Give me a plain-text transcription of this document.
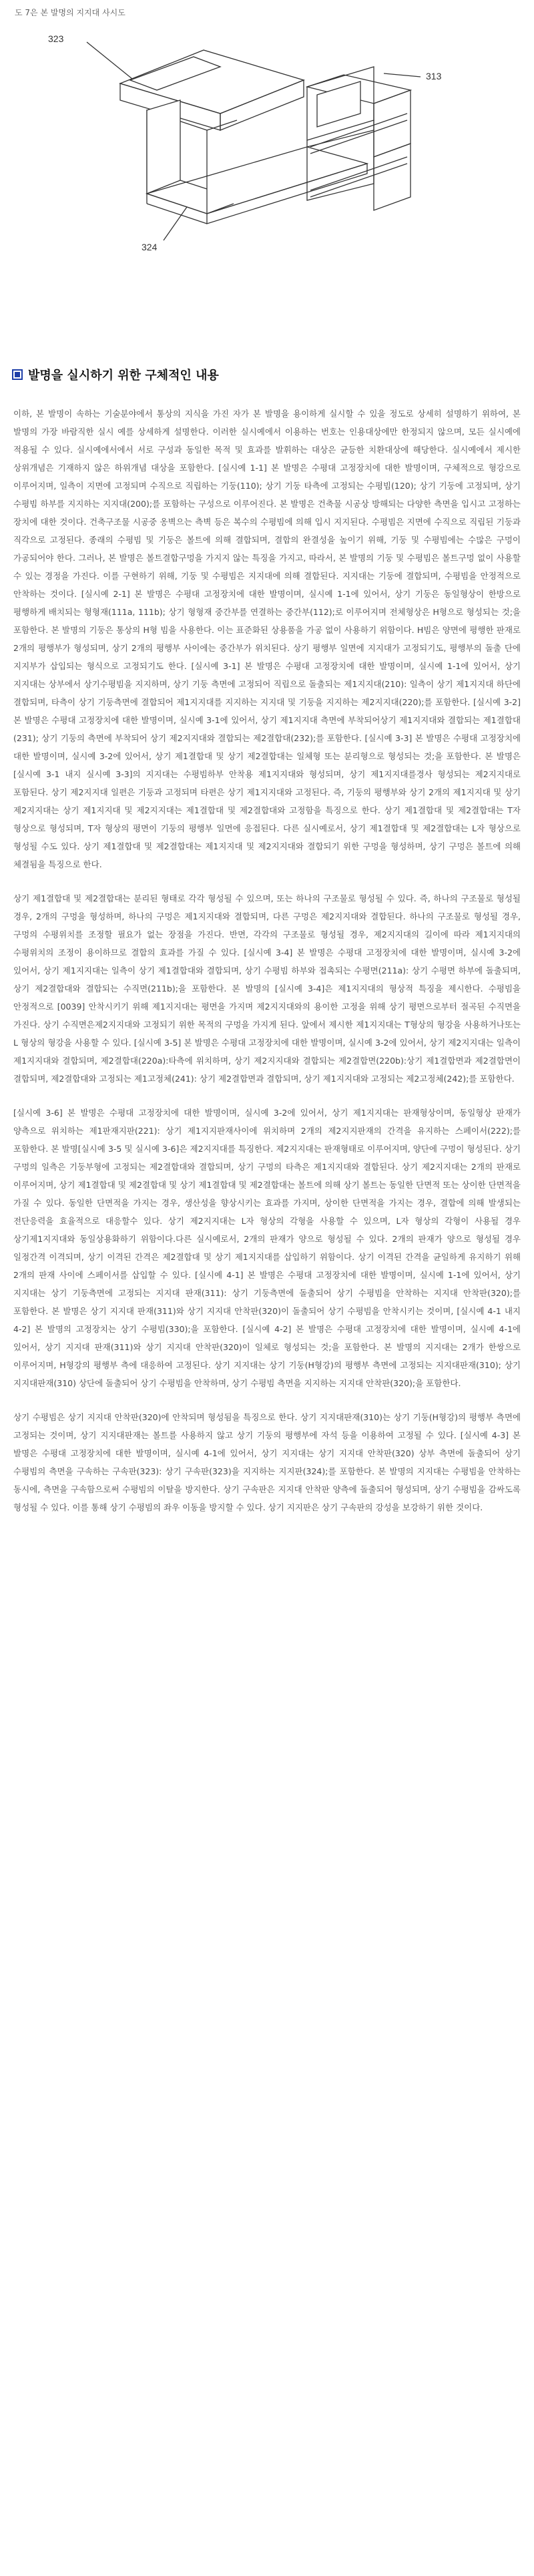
도 7은 본 발명의 지지대 사시도
323
324
313
발명을 실시하기 위한 구체적인 내용

이하, 본 발명이 속하는 기술분야에서 통상의 지식을 가진 자가 본 발명을 용이하게 실시할 수 있을 정도로 상세히 설명하기 위하여, 본 발명의 가장 바람직한 실시 예를 상세하게 설명한다. 이러한 실시예에서 이용하는 번호는 인용대상에만 한정되지 않으며, 모든 실시예에 적용될 수 있다. 실시예에서에서 서로 구성과 동일한 목적 및 효과를 발휘하는 대상은 균등한 치환대상에 해당한다. 실시예에서 제시한 상위개념은 기재하지 않은 하위개념 대상을 포함한다. [실시예 1-1] 본 발명은 수평대 고정장치에 대한 발명이며, 구체적으로 형강으로 이루어지며, 일측이 지면에 고정되며 수직으로 직립하는 기둥(110); 상기 기둥 타측에 고정되는 수평빔(120); 상기 기둥에 고정되며, 상기 수평빔 하부를 지지하는 지지대(200);를 포함하는 구성으로 이루어진다. 본 발명은 건축물 시공상 방해되는 다양한 측면을 입시고 고정하는 장치에 대한 것이다. 건축구조물 시공중 옹벽으는 측벽 등은 복수의 수평빔에 의해 입시 지지된다. 수평빔은 지면에 수직으로 직립된 기둥과 직각으로 고정된다. 종래의 수평빔 및 기둥은 볼트에 의해 결합되며, 결합의 완결성을 높이기 위해, 기둥 및 수평빔에는 수많은 구멍이 가공되어야 한다. 그러나, 본 발명은 볼트결합구멍을 가지지 않는 특징을 가지고, 따라서, 본 발명의 기둥 및 수평빔은 볼트구멍 없이 사용할 수 있는 경정을 가진다. 이를 구현하기 위해, 기둥 및 수평빔은 지지대에 의해 결합된다. 지지대는 기둥에 결합되며, 수평빔을 안정적으로 안착하는 것이다. [실시예 2-1] 본 발명은 수평대 고정장치에 대한 발명이며, 실시예 1-1에 있어서, 상기 기둥은 동일형상이 한방으로 평행하게 배치되는 형형재(111a, 111b); 상기 형형재 중간부를 연결하는 중간부(112);로 이루어지며 전체형상은 H형으로 형성되는 것;을 포함한다. 본 발명의 기둥은 통상의 H형 빔을 사용한다. 이는 표준화된 상용품을 가공 없이 사용하기 위함이다. H빔은 양면에 평행한 판재로 2개의 평행부가 형성되며, 상기 2개의 평행부 사이에는 중간부가 위치된다. 상기 평행부 일면에 지지대가 고정되기도, 평행부의 돌출 단에 지지부가 삽입되는 형식으로 고정되기도 한다. [실시예 3-1] 본 발명은 수평대 고정장치에 대한 발명이며, 실시예 1-1에 있어서, 상기 지지대는 상부에서 상기수평빔을 지지하며, 상기 기둥 측면에 고정되어 직립으로 돌출되는 제1지지대(210): 일측이 상기 제1지지대 하단에 결합되며, 타측이 상기 기둥측면에 결합되어 제1지지대를 지지하는 지지대 및 기둥을 지지하는 제2지지대(220);를 포함한다. [실시예 3-2] 본 발명은 수평대 고정장치에 대한 발명이며, 실시예 3-1에 있어서, 상기 제1지지대 측면에 부착되어상기 제1지지대와 결합되는 제1결합대(231); 상기 기둥의 측면에 부착되어 상기 제2지지대와 결합되는 제2결합대(232);를 포함한다. [실시예 3-3] 본 발명은 수평대 고정장치에 대한 발명이며, 실시예 3-2에 있어서, 상기 제1결합대 및 상기 제2결합대는 일체형 또는 분리형으로 형성되는 것;을 포함한다. 본 발명은 [실시예 3-1 내지 실시예 3-3]의 지지대는 수평빔하부 안착용 제1지지대와 형성되며, 상기 제1지지대를경사 형성되는 제2지지대로 포함된다. 상기 제2지지대 일편은 기둥과 고정되며 타편은 상기 제1지지대와 고정된다. 즉, 기둥의 평행부와 상기 2개의 제1지지대 및 상기 제2지지대는 상기 제1지지대 및 제2지지대는 제1결합대 및 제2결합대와 고정함을 특징으로 한다. 상기 제1결합대 및 제2결합대는 T자 형상으로 형성되며, T자 형상의 평면이 기둥의 평행부 일면에 응접된다. 다른 실시예로서, 상기 제1결합대 및 제2결합대는 L자 형상으로 형성될 수도 있다. 상기 제1결합대 및 제2결합대는 제1지지대 및 제2지지대와 결합되기 위한 구멍을 형성하며, 상기 구멍은 볼트에 의해 체결됨을 특징으로 한다.

상기 제1결합대 및 제2결합대는 분리된 형태로 각각 형성될 수 있으며, 또는 하나의 구조물로 형성될 수 있다. 즉, 하나의 구조물로 형성될 경우, 2개의 구멍을 형성하며, 하나의 구멍은 제1지지대와 결합되며, 다른 구멍은 제2지지대와 결합된다. 하나의 구조물로 형성될 경우, 구멍의 수평위치를 조정할 필요가 없는 장점을 가진다. 반면, 각각의 구조물로 형성될 경우, 제2지지대의 길이에 따라 제1지지대의 수평위치의 조정이 용이하므로 결합의 효과를 가질 수 있다. [실시예 3-4] 본 발명은 수평대 고정장치에 대한 발명이며, 실시예 3-2에 있어서, 상기 제1지지대는 일측이 상기 제1결합대와 결합되며, 상기 수평빔 하부와 접촉되는 수평면(211a): 상기 수평면 하부에 돌출되며, 상기 제2결합대와 결합되는 수직면(211b);을 포함한다. 본 발명의 [실시예 3-4]은 제1지지대의 형상적 특징을 제시한다. 수평빔을 안정적으로 [0039] 안착시키기 위해 제1지지대는 평면을 가지며 제2지지대와의 용이한 고정을 위해 상기 평면으로부터 절곡된 수직면을 가진다. 상기 수직면은제2지지대와 고정되기 위한 목적의 구멍을 가지게 된다. 앞에서 제시한 제1지지대는 T형상의 형강을 사용하거나또는 L 형상의 형강을 사용할 수 있다. [실시예 3-5] 본 발명은 수평대 고정장치에 대한 발명이며, 실시예 3-2에 있어서, 상기 제2지지대는 일측이 제1지지대와 결합되며, 제2결합대(220a):타측에 위치하며, 상기 제2지지대와 결합되는 제2결합면(220b):상기 제1결합면과 제2결합면이 결합되며, 제2결합대와 고정되는 제1고정체(241): 상기 제2결합면과 결합되며, 상기 제1지지대와 고정되는 제2고정체(242);를 포함한다.

[실시예 3-6] 본 발명은 수평대 고정장치에 대한 발명이며, 실시예 3-2에 있어서, 상기 제1지지대는 판재형상이며, 동일형상 판재가 양측으로 위치하는 제1판재지판(221): 상기 제1지지판재사이에 위치하며 2개의 제2지지판재의 간격을 유지하는 스페이서(222);를 포함한다. 본 발명[실시예 3-5 및 실시예 3-6]은 제2지지대를 특징한다. 제2지지대는 판재형태로 이루어지며, 양단에 구멍이 형성된다. 상기 구멍의 일측은 기둥부형에 고정되는 제2결합대와 결합되며, 상기 구멍의 타측은 제1지지대와 결합된다. 상기 제2지지대는 2개의 판재로 이루어지며, 상기 제1결합대 및 제2결합대 및 상기 제1결합대 및 제2결합대는 볼트에 의해 상기 볼트는 동일한 단면적 또는 상이한 단면적을 가질 수 있다. 동일한 단면적을 가지는 경우, 생산성을 향상시키는 효과를 가지며, 상이한 단면적을 가지는 경우, 결합에 의해 발생되는 전단응력을 효율적으로 대응할수 있다. 상기 제2지지대는 L자 형상의 각형을 사용할 수 있으며, L자 형상의 각형이 사용될 경우 상기제1지지대와 동일상용화하기 위함이다.다른 실시예로서, 2개의 판재가 양으로 형성될 수 있다. 2개의 판재가 양으로 형성될 경우 일정간격 이격되며, 상기 이격된 간격은 제2결합대 및 상기 제1지지대를 삽입하기 위함이다. 상기 이격된 간격을 균일하게 유지하기 위해 2개의 판재 사이에 스페이서를 삽입할 수 있다. [실시예 4-1] 본 발명은 수평대 고정장치에 대한 발명이며, 실시예 1-1에 있어서, 상기 지지대는 상기 기둥측면에 고정되는 지지대 판재(311): 상기 기둥측면에 돌출되어 상기 수평빔을 안착하는 지지대 안착판(320);를 포함한다. 본 발명은 상기 지지대 판재(311)와 상기 지지대 안착판(320)이 돌출되어 상기 수평빔을 안착시키는 것이며, [실시예 4-1 내지 4-2] 본 발명의 고정장치는 상기 수평빔(330);을 포함한다. [실시예 4-2] 본 발명은 수평대 고정장치에 대한 발명이며, 실시예 4-1에 있어서, 상기 지지대 판재(311)와 상기 지지대 안착판(320)이 일체로 형성되는 것;을 포함한다. 본 발명의 지지대는 2개가 한쌍으로 이루어지며, H형강의 평행부 측에 대응하여 고정된다. 상기 지지대는 상기 기둥(H형강)의 평행부 측면에 고정되는 지지대판재(310); 상기 지지대판재(310) 상단에 돌출되어 상기 수평빔을 안착하며, 상기 수평빔 측면을 지지하는 지지대 안착판(320);을 포함한다.

상기 수평빔은 상기 지지대 안착판(320)에 안착되며 형성됨을 특징으로 한다. 상기 지지대판재(310)는 상기 기둥(H형강)의 평행부 측면에 고정되는 것이며, 상기 지지대판재는 볼트를 사용하지 않고 상기 기둥의 평행부에 자석 등을 이용하여 고정될 수 있다. [실시예 4-3] 본 발명은 수평대 고정장치에 대한 발명이며, 실시예 4-1에 있어서, 상기 지지대는 상기 지지대 안착판(320) 상부 측면에 돌출되어 상기 수평빔의 측면을 구속하는 구속판(323): 상기 구속판(323)을 지지하는 지지판(324);를 포함한다. 본 발명의 지지대는 수평빔을 안착하는 동시에, 측면을 구속함으로써 수평빔의 이탈을 방지한다. 상기 구속판은 지지대 안착판 양측에 돌출되어 형성되며, 상기 수평빔을 감싸도록 형성될 수 있다. 이를 통해 상기 수평빔의 좌우 이동을 방지할 수 있다. 상기 지지판은 상기 구속판의 강성을 보강하기 위한 것이다.
